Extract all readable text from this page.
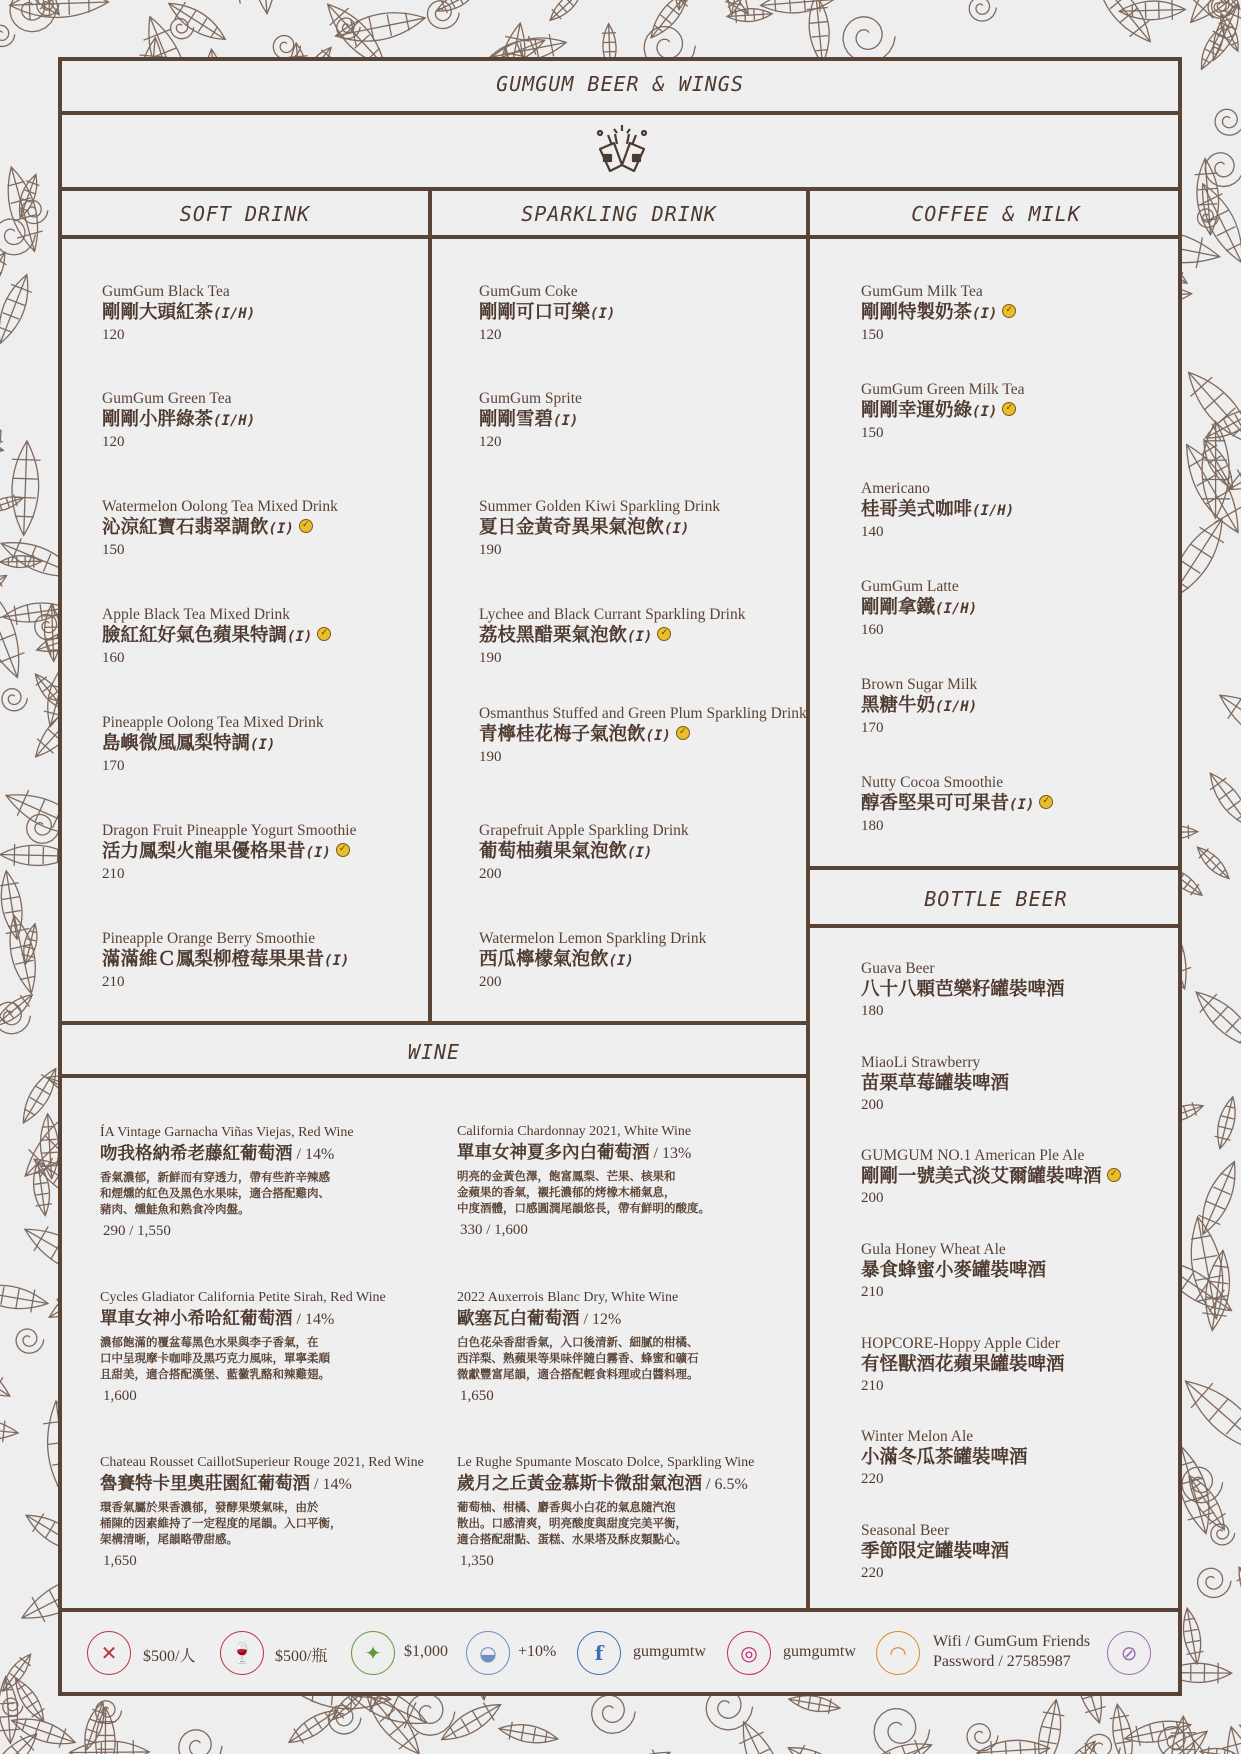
GUMGUM BEER & WINGS
SOFT DRINK	SPARKLING DRINK	COFFEE & MILK
BOTTLE BEER
WINE
GumGum Black Tea
剛剛大頭紅茶(I/H)
120
GumGum Green Tea
剛剛小胖綠茶(I/H)
120
Watermelon Oolong Tea Mixed Drink
沁涼紅寶石翡翠調飲(I) ✓
150
Apple Black Tea Mixed Drink
臉紅紅好氣色蘋果特調(I) ✓
160
Pineapple Oolong Tea Mixed Drink
島嶼微風鳳梨特調(I)
170
Dragon Fruit Pineapple Yogurt Smoothie
活力鳳梨火龍果優格果昔(I) ✓
210
Pineapple Orange Berry Smoothie
滿滿維Ｃ鳳梨柳橙莓果果昔(I)
210
GumGum Coke
剛剛可口可樂(I)
120
GumGum Sprite
剛剛雪碧(I)
120
Summer Golden Kiwi Sparkling Drink
夏日金黃奇異果氣泡飲(I)
190
Lychee and Black Currant Sparkling Drink
荔枝黑醋栗氣泡飲(I) ✓
190
Osmanthus Stuffed and Green Plum Sparkling Drink
青檸桂花梅子氣泡飲(I) ✓
190
Grapefruit Apple Sparkling Drink
葡萄柚蘋果氣泡飲(I)
200
Watermelon Lemon Sparkling Drink
西瓜檸檬氣泡飲(I)
200
GumGum Milk Tea
剛剛特製奶茶(I) ✓
150
GumGum Green Milk Tea
剛剛幸運奶綠(I) ✓
150
Americano
桂哥美式咖啡(I/H)
140
GumGum Latte
剛剛拿鐵(I/H)
160
Brown Sugar Milk
黑糖牛奶(I/H)
170
Nutty Cocoa Smoothie
醇香堅果可可果昔(I) ✓
180
Guava Beer
八十八顆芭樂籽罐裝啤酒
180
MiaoLi Strawberry
苗栗草莓罐裝啤酒
200
GUMGUM NO.1 American Ple Ale
剛剛一號美式淡艾爾罐裝啤酒 ✓
200
Gula Honey Wheat Ale
暴食蜂蜜小麥罐裝啤酒
210
HOPCORE-Hoppy Apple Cider
有怪獸酒花蘋果罐裝啤酒
210
Winter Melon Ale
小滿冬瓜茶罐裝啤酒
220
Seasonal Beer
季節限定罐裝啤酒
220
ÍA Vintage Garnacha Viñas Viejas, Red Wine
吻我格納希老藤紅葡萄酒 / 14%
香氣濃郁，新鮮而有穿透力，帶有些許辛辣感
和煙燻的紅色及黑色水果味，適合搭配雞肉、
豬肉、燻鮭魚和熟食冷肉盤。
290 / 1,550
California Chardonnay 2021, White Wine
單車女神夏多內白葡萄酒 / 13%
明亮的金黃色澤，飽富鳳梨、芒果、核果和
金蘋果的香氣，襯托濃郁的烤橡木桶氣息，
中度酒體，口感圓潤尾韻悠長，帶有鮮明的酸度。
330 / 1,600
Cycles Gladiator California Petite Sirah, Red Wine
單車女神小希哈紅葡萄酒 / 14%
濃郁飽滿的覆盆莓黑色水果與李子香氣，在
口中呈現摩卡咖啡及黑巧克力風味，單寧柔順
且甜美，適合搭配漢堡、藍黴乳酪和辣雞翅。
1,600
2022 Auxerrois Blanc Dry, White Wine
歐塞瓦白葡萄酒 / 12%
白色花朵香甜香氣，入口後清新、細膩的柑橘、
西洋梨、熟蘋果等果味伴隨白霧香、蜂蜜和礦石
微獻豐富尾韻，適合搭配輕食料理或白醬料理。
1,650
Chateau Rousset CaillotSuperieur Rouge 2021, Red Wine
魯賽特卡里奧莊園紅葡萄酒 / 14%
環香氣屬於果香濃郁，發酵果漿氣味，由於
桶陳的因素維持了一定程度的尾韻。入口平衡，
架構清晰，尾韻略帶甜感。
1,650
Le Rughe Spumante Moscato Dolce, Sparkling Wine
歲月之丘黃金慕斯卡微甜氣泡酒 / 6.5%
葡萄柚、柑橘、麝香與小白花的氣息隨汽泡
散出。口感清爽，明亮酸度與甜度完美平衡，
適合搭配甜點、蛋糕、水果塔及酥皮類點心。
1,350
✕	$500/人	🍷	$500/瓶	✦	$1,000	◒	+10%	f	gumgumtw	◎	gumgumtw	◠	Wifi / GumGum Friends
Password / 27585987	⊘
